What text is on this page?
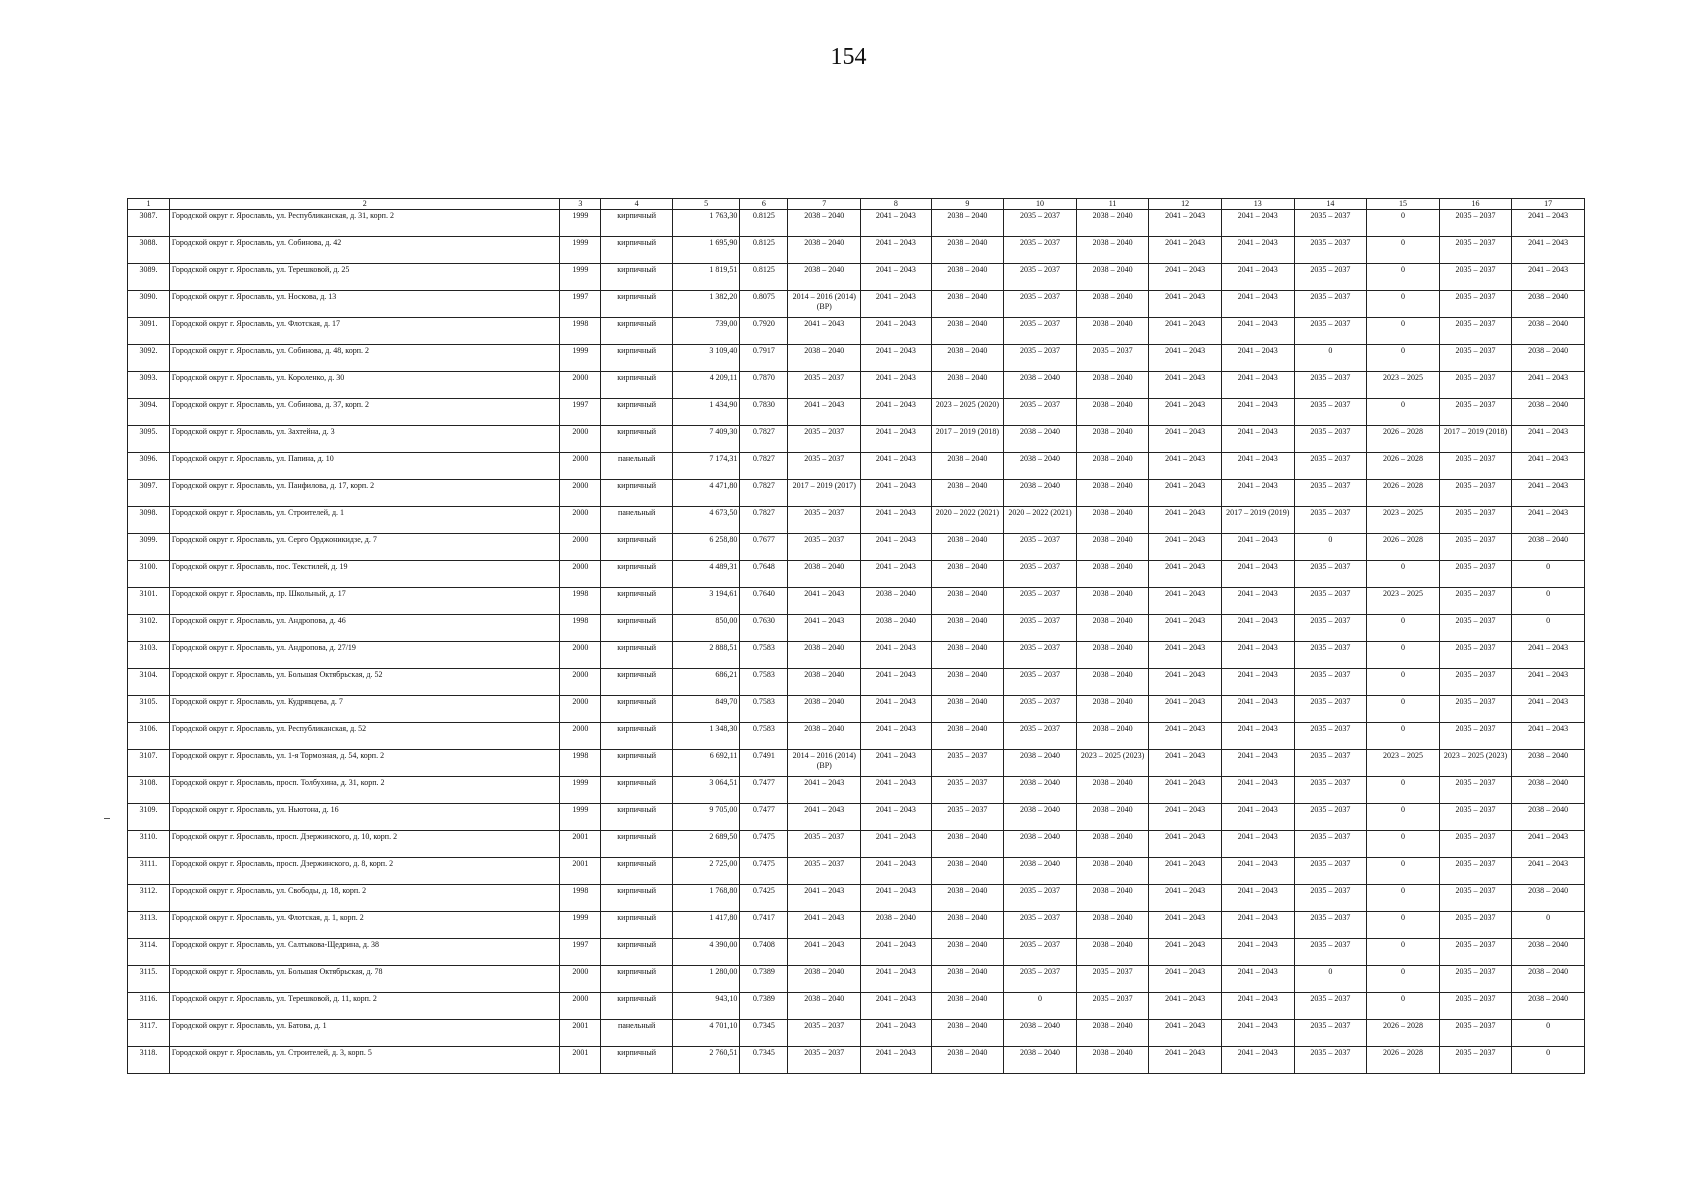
154
1	2	3	4	5	6	7	8	9	10	11	12	13	14	15	16	17
3087.	Городской округ г. Ярославль, ул. Республиканская, д. 31, корп. 2	1999	кирпичный	1 763,30	0.8125	2038 – 2040	2041 – 2043	2038 – 2040	2035 – 2037	2038 – 2040	2041 – 2043	2041 – 2043	2035 – 2037	0	2035 – 2037	2041 – 2043
3088.	Городской округ г. Ярославль, ул. Собинова, д. 42	1999	кирпичный	1 695,90	0.8125	2038 – 2040	2041 – 2043	2038 – 2040	2035 – 2037	2038 – 2040	2041 – 2043	2041 – 2043	2035 – 2037	0	2035 – 2037	2041 – 2043
3089.	Городской округ г. Ярославль, ул. Терешковой, д. 25	1999	кирпичный	1 819,51	0.8125	2038 – 2040	2041 – 2043	2038 – 2040	2035 – 2037	2038 – 2040	2041 – 2043	2041 – 2043	2035 – 2037	0	2035 – 2037	2041 – 2043
3090.	Городской округ г. Ярославль, ул. Носкова, д. 13	1997	кирпичный	1 382,20	0.8075	2014 – 2016 (2014) (ВР)	2041 – 2043	2038 – 2040	2035 – 2037	2038 – 2040	2041 – 2043	2041 – 2043	2035 – 2037	0	2035 – 2037	2038 – 2040
3091.	Городской округ г. Ярославль, ул. Флотская, д. 17	1998	кирпичный	739,00	0.7920	2041 – 2043	2041 – 2043	2038 – 2040	2035 – 2037	2038 – 2040	2041 – 2043	2041 – 2043	2035 – 2037	0	2035 – 2037	2038 – 2040
3092.	Городской округ г. Ярославль, ул. Собинова, д. 48, корп. 2	1999	кирпичный	3 109,40	0.7917	2038 – 2040	2041 – 2043	2038 – 2040	2035 – 2037	2035 – 2037	2041 – 2043	2041 – 2043	0	0	2035 – 2037	2038 – 2040
3093.	Городской округ г. Ярославль, ул. Короленко, д. 30	2000	кирпичный	4 209,11	0.7870	2035 – 2037	2041 – 2043	2038 – 2040	2038 – 2040	2038 – 2040	2041 – 2043	2041 – 2043	2035 – 2037	2023 – 2025	2035 – 2037	2041 – 2043
3094.	Городской округ г. Ярославль, ул. Собинова, д. 37, корп. 2	1997	кирпичный	1 434,90	0.7830	2041 – 2043	2041 – 2043	2023 – 2025 (2020)	2035 – 2037	2038 – 2040	2041 – 2043	2041 – 2043	2035 – 2037	0	2035 – 2037	2038 – 2040
3095.	Городской округ г. Ярославль, ул. Захтейна, д. 3	2000	кирпичный	7 409,30	0.7827	2035 – 2037	2041 – 2043	2017 – 2019 (2018)	2038 – 2040	2038 – 2040	2041 – 2043	2041 – 2043	2035 – 2037	2026 – 2028	2017 – 2019 (2018)	2041 – 2043
3096.	Городской округ г. Ярославль, ул. Папина, д. 10	2000	панельный	7 174,31	0.7827	2035 – 2037	2041 – 2043	2038 – 2040	2038 – 2040	2038 – 2040	2041 – 2043	2041 – 2043	2035 – 2037	2026 – 2028	2035 – 2037	2041 – 2043
3097.	Городской округ г. Ярославль, ул. Панфилова, д. 17, корп. 2	2000	кирпичный	4 471,80	0.7827	2017 – 2019 (2017)	2041 – 2043	2038 – 2040	2038 – 2040	2038 – 2040	2041 – 2043	2041 – 2043	2035 – 2037	2026 – 2028	2035 – 2037	2041 – 2043
3098.	Городской округ г. Ярославль, ул. Строителей, д. 1	2000	панельный	4 673,50	0.7827	2035 – 2037	2041 – 2043	2020 – 2022 (2021)	2020 – 2022 (2021)	2038 – 2040	2041 – 2043	2017 – 2019 (2019)	2035 – 2037	2023 – 2025	2035 – 2037	2041 – 2043
3099.	Городской округ г. Ярославль, ул. Серго Орджоникидзе, д. 7	2000	кирпичный	6 258,80	0.7677	2035 – 2037	2041 – 2043	2038 – 2040	2035 – 2037	2038 – 2040	2041 – 2043	2041 – 2043	0	2026 – 2028	2035 – 2037	2038 – 2040
3100.	Городской округ г. Ярославль, пос. Текстилей, д. 19	2000	кирпичный	4 489,31	0.7648	2038 – 2040	2041 – 2043	2038 – 2040	2035 – 2037	2038 – 2040	2041 – 2043	2041 – 2043	2035 – 2037	0	2035 – 2037	0
3101.	Городской округ г. Ярославль, пр. Школьный, д. 17	1998	кирпичный	3 194,61	0.7640	2041 – 2043	2038 – 2040	2038 – 2040	2035 – 2037	2038 – 2040	2041 – 2043	2041 – 2043	2035 – 2037	2023 – 2025	2035 – 2037	0
3102.	Городской округ г. Ярославль, ул. Андропова, д. 46	1998	кирпичный	850,00	0.7630	2041 – 2043	2038 – 2040	2038 – 2040	2035 – 2037	2038 – 2040	2041 – 2043	2041 – 2043	2035 – 2037	0	2035 – 2037	0
3103.	Городской округ г. Ярославль, ул. Андропова, д. 27/19	2000	кирпичный	2 888,51	0.7583	2038 – 2040	2041 – 2043	2038 – 2040	2035 – 2037	2038 – 2040	2041 – 2043	2041 – 2043	2035 – 2037	0	2035 – 2037	2041 – 2043
3104.	Городской округ г. Ярославль, ул. Большая Октябрьская, д. 52	2000	кирпичный	686,21	0.7583	2038 – 2040	2041 – 2043	2038 – 2040	2035 – 2037	2038 – 2040	2041 – 2043	2041 – 2043	2035 – 2037	0	2035 – 2037	2041 – 2043
3105.	Городской округ г. Ярославль, ул. Кудрявцева, д. 7	2000	кирпичный	849,70	0.7583	2038 – 2040	2041 – 2043	2038 – 2040	2035 – 2037	2038 – 2040	2041 – 2043	2041 – 2043	2035 – 2037	0	2035 – 2037	2041 – 2043
3106.	Городской округ г. Ярославль, ул. Республиканская, д. 52	2000	кирпичный	1 348,30	0.7583	2038 – 2040	2041 – 2043	2038 – 2040	2035 – 2037	2038 – 2040	2041 – 2043	2041 – 2043	2035 – 2037	0	2035 – 2037	2041 – 2043
3107.	Городской округ г. Ярославль, ул. 1-я Тормозная, д. 54, корп. 2	1998	кирпичный	6 692,11	0.7491	2014 – 2016 (2014) (ВР)	2041 – 2043	2035 – 2037	2038 – 2040	2023 – 2025 (2023)	2041 – 2043	2041 – 2043	2035 – 2037	2023 – 2025	2023 – 2025 (2023)	2038 – 2040
3108.	Городской округ г. Ярославль, просп. Толбухина, д. 31, корп. 2	1999	кирпичный	3 064,51	0.7477	2041 – 2043	2041 – 2043	2035 – 2037	2038 – 2040	2038 – 2040	2041 – 2043	2041 – 2043	2035 – 2037	0	2035 – 2037	2038 – 2040
3109.	Городской округ г. Ярославль, ул. Ньютона, д. 16	1999	кирпичный	9 705,00	0.7477	2041 – 2043	2041 – 2043	2035 – 2037	2038 – 2040	2038 – 2040	2041 – 2043	2041 – 2043	2035 – 2037	0	2035 – 2037	2038 – 2040
3110.	Городской округ г. Ярославль, просп. Дзержинского, д. 10, корп. 2	2001	кирпичный	2 689,50	0.7475	2035 – 2037	2041 – 2043	2038 – 2040	2038 – 2040	2038 – 2040	2041 – 2043	2041 – 2043	2035 – 2037	0	2035 – 2037	2041 – 2043
3111.	Городской округ г. Ярославль, просп. Дзержинского, д. 8, корп. 2	2001	кирпичный	2 725,00	0.7475	2035 – 2037	2041 – 2043	2038 – 2040	2038 – 2040	2038 – 2040	2041 – 2043	2041 – 2043	2035 – 2037	0	2035 – 2037	2041 – 2043
3112.	Городской округ г. Ярославль, ул. Свободы, д. 18, корп. 2	1998	кирпичный	1 768,80	0.7425	2041 – 2043	2041 – 2043	2038 – 2040	2035 – 2037	2038 – 2040	2041 – 2043	2041 – 2043	2035 – 2037	0	2035 – 2037	2038 – 2040
3113.	Городской округ г. Ярославль, ул. Флотская, д. 1, корп. 2	1999	кирпичный	1 417,80	0.7417	2041 – 2043	2038 – 2040	2038 – 2040	2035 – 2037	2038 – 2040	2041 – 2043	2041 – 2043	2035 – 2037	0	2035 – 2037	0
3114.	Городской округ г. Ярославль, ул. Салтыкова-Щедрина, д. 38	1997	кирпичный	4 390,00	0.7408	2041 – 2043	2041 – 2043	2038 – 2040	2035 – 2037	2038 – 2040	2041 – 2043	2041 – 2043	2035 – 2037	0	2035 – 2037	2038 – 2040
3115.	Городской округ г. Ярославль, ул. Большая Октябрьская, д. 78	2000	кирпичный	1 280,00	0.7389	2038 – 2040	2041 – 2043	2038 – 2040	2035 – 2037	2035 – 2037	2041 – 2043	2041 – 2043	0	0	2035 – 2037	2038 – 2040
3116.	Городской округ г. Ярославль, ул. Терешковой, д. 11, корп. 2	2000	кирпичный	943,10	0.7389	2038 – 2040	2041 – 2043	2038 – 2040	0	2035 – 2037	2041 – 2043	2041 – 2043	2035 – 2037	0	2035 – 2037	2038 – 2040
3117.	Городской округ г. Ярославль, ул. Батова, д. 1	2001	панельный	4 701,10	0.7345	2035 – 2037	2041 – 2043	2038 – 2040	2038 – 2040	2038 – 2040	2041 – 2043	2041 – 2043	2035 – 2037	2026 – 2028	2035 – 2037	0
3118.	Городской округ г. Ярославль, ул. Строителей, д. 3, корп. 5	2001	кирпичный	2 760,51	0.7345	2035 – 2037	2041 – 2043	2038 – 2040	2038 – 2040	2038 – 2040	2041 – 2043	2041 – 2043	2035 – 2037	2026 – 2028	2035 – 2037	0
